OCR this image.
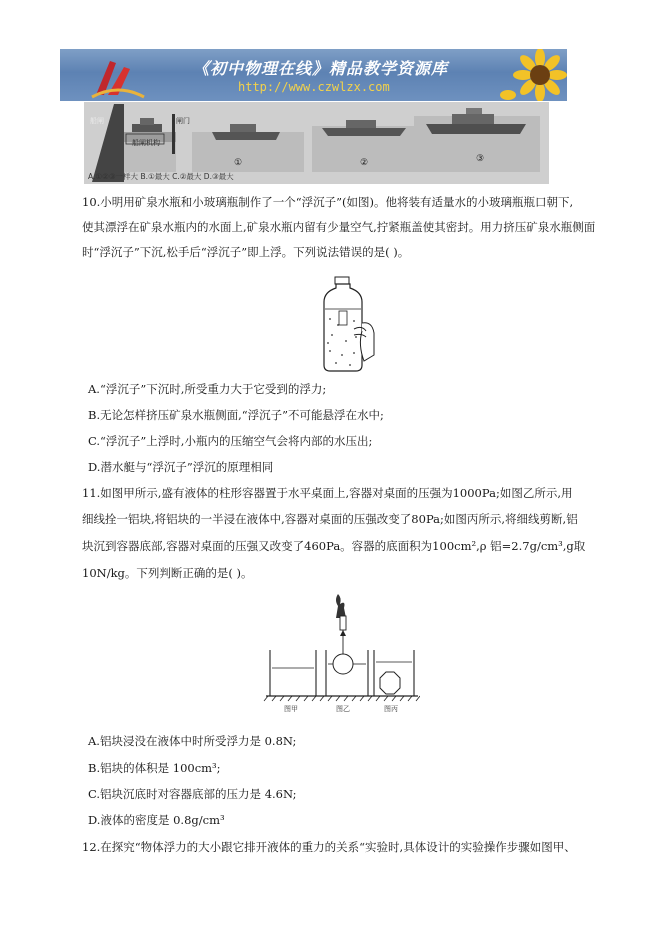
《初中物理在线》精品教学资源库
http://www.czwlzx.com
船闸机构
船闸	闸门
①	②	③
A.①②③一样大 B.①最大 C.②最大 D.③最大
10.小明用矿泉水瓶和小玻璃瓶制作了一个“浮沉子”(如图)。他将装有适量水的小玻璃瓶瓶口朝下,
使其漂浮在矿泉水瓶内的水面上,矿泉水瓶内留有少量空气,拧紧瓶盖使其密封。用力挤压矿泉水瓶侧面
时“浮沉子”下沉,松手后“浮沉子”即上浮。下列说法错误的是( )。
A.“浮沉子”下沉时,所受重力大于它受到的浮力;
B.无论怎样挤压矿泉水瓶侧面,“浮沉子”不可能悬浮在水中;
C.“浮沉子”上浮时,小瓶内的压缩空气会将内部的水压出;
D.潜水艇与“浮沉子”浮沉的原理相同
11.如图甲所示,盛有液体的柱形容器置于水平桌面上,容器对桌面的压强为1000Pa;如图乙所示,用
细线拴一铝块,将铝块的一半浸在液体中,容器对桌面的压强改变了80Pa;如图丙所示,将细线剪断,铝
块沉到容器底部,容器对桌面的压强又改变了460Pa。容器的底面积为100cm²,ρ 铝=2.7g/cm³,g取
10N/kg。下列判断正确的是( )。
图甲	图乙	图丙
A.铝块浸没在液体中时所受浮力是 0.8N;
B.铝块的体积是 100cm³;
C.铝块沉底时对容器底部的压力是 4.6N;
D.液体的密度是 0.8g/cm³
12.在探究“物体浮力的大小跟它排开液体的重力的关系“实验时,具体设计的实验操作步骤如图甲、
